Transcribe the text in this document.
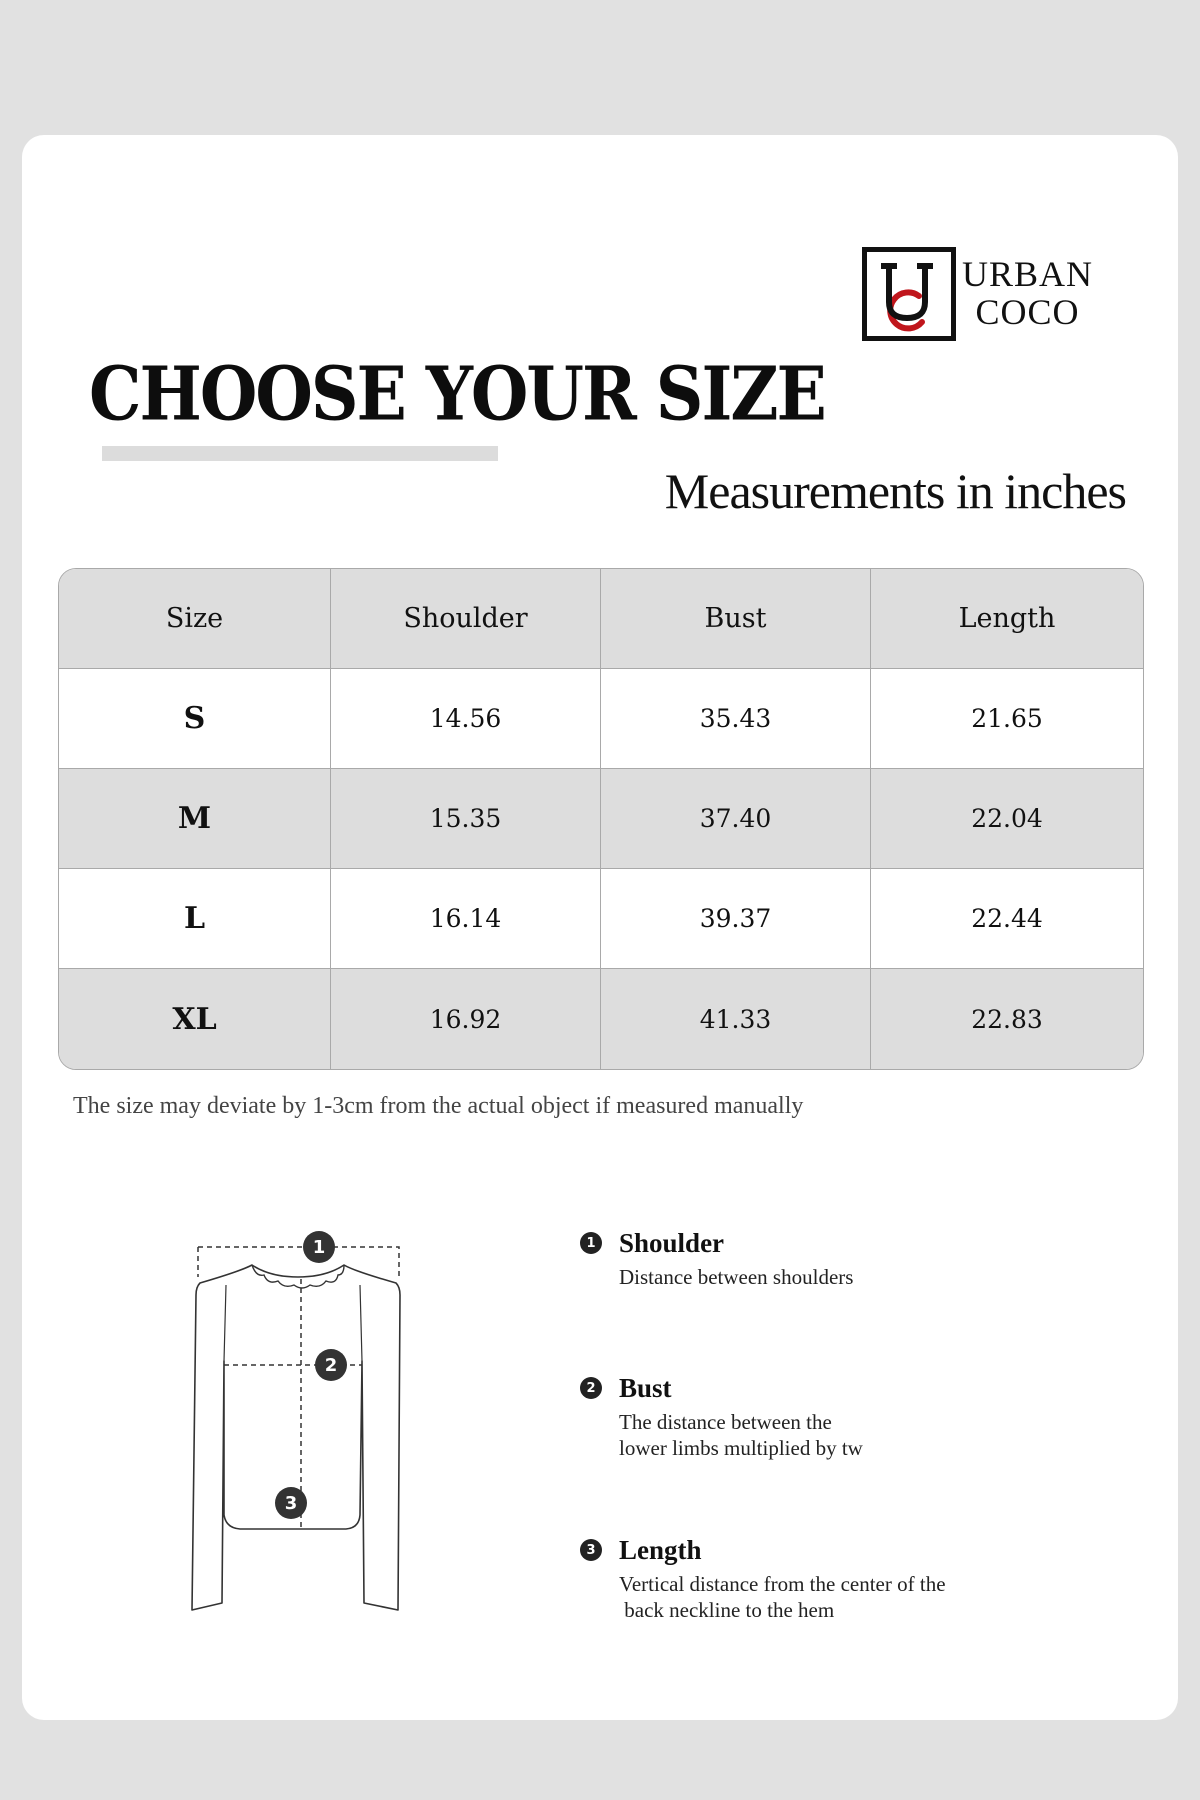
URBAN
COCO
CHOOSE YOUR SIZE
Measurements in inches
Size	Shoulder	Bust	Length
S	14.56	35.43	21.65
M	15.35	37.40	22.04
L	16.14	39.37	22.44
XL	16.92	41.33	22.83
The size may deviate by 1-3cm from the actual object if measured manually
1
2
3
1 Shoulder
Distance between shoulders
2 Bust
The distance between the
lower limbs multiplied by tw
3 Length
Vertical distance from the center of the
back neckline to the hem
